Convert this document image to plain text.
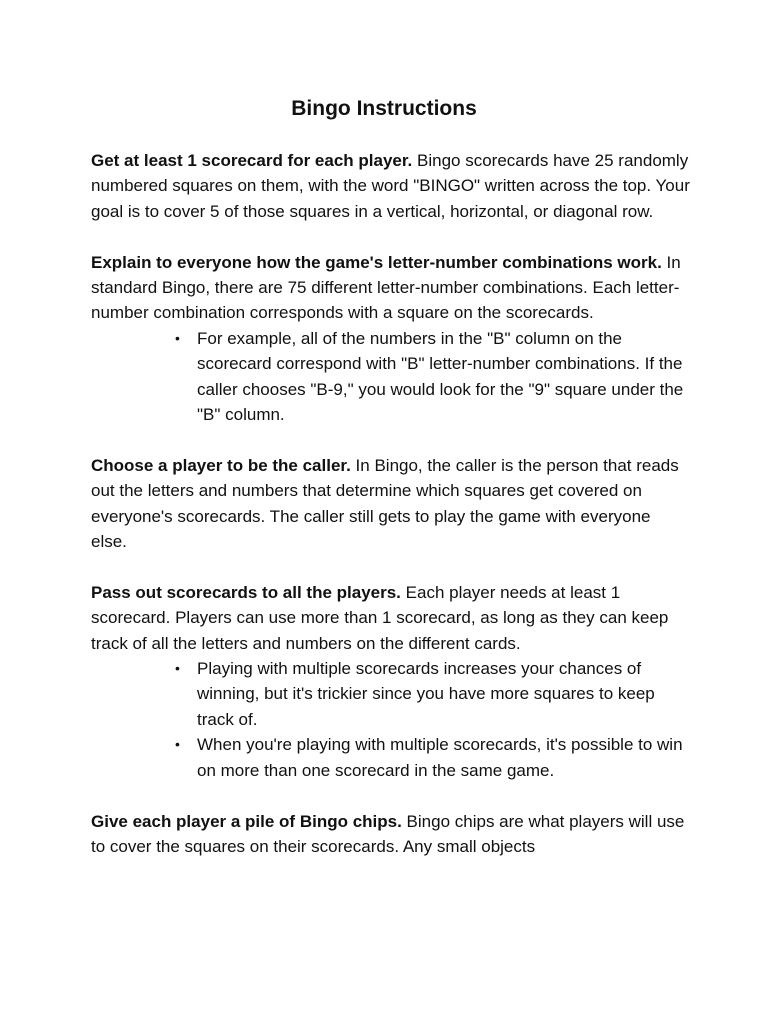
Bingo Instructions

Get at least 1 scorecard for each player. Bingo scorecards have 25 randomly numbered squares on them, with the word "BINGO" written across the top. Your goal is to cover 5 of those squares in a vertical, horizontal, or diagonal row.

Explain to everyone how the game's letter-number combinations work. In standard Bingo, there are 75 different letter-number combinations. Each letter-number combination corresponds with a square on the scorecards.

• For example, all of the numbers in the "B" column on the scorecard correspond with "B" letter-number combinations. If the caller chooses "B-9," you would look for the "9" square under the "B" column.

Choose a player to be the caller. In Bingo, the caller is the person that reads out the letters and numbers that determine which squares get covered on everyone's scorecards. The caller still gets to play the game with everyone else.

Pass out scorecards to all the players. Each player needs at least 1 scorecard. Players can use more than 1 scorecard, as long as they can keep track of all the letters and numbers on the different cards.

• Playing with multiple scorecards increases your chances of winning, but it's trickier since you have more squares to keep track of.
• When you're playing with multiple scorecards, it's possible to win on more than one scorecard in the same game.

Give each player a pile of Bingo chips. Bingo chips are what players will use to cover the squares on their scorecards. Any small objects
